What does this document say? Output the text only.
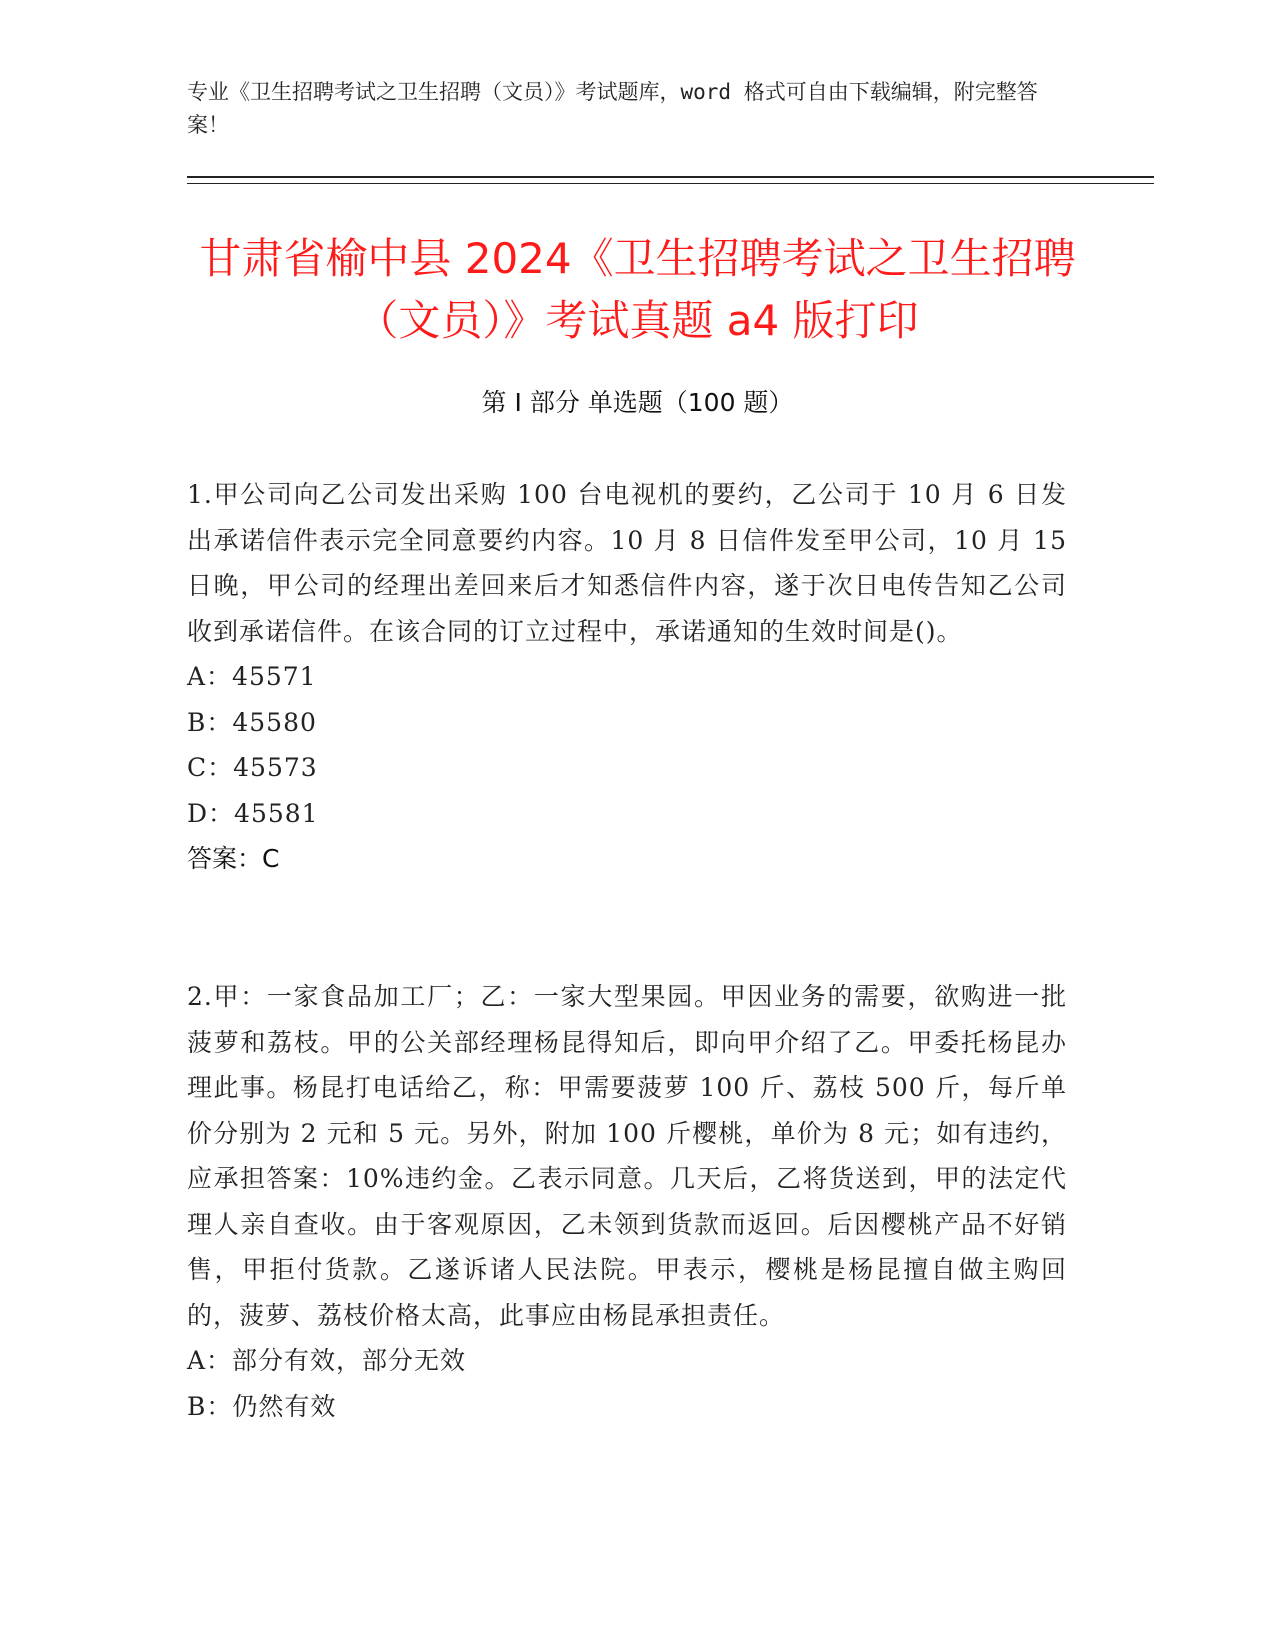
专业《卫生招聘考试之卫生招聘（文员）》考试题库，word 格式可自由下载编辑，附完整答案！
甘肃省榆中县 2024《卫生招聘考试之卫生招聘（文员）》考试真题 a4 版打印
第 I 部分 单选题（100 题）
1.甲公司向乙公司发出采购 100 台电视机的要约，乙公司于 10 月 6 日发出承诺信件表示完全同意要约内容。10 月 8 日信件发至甲公司，10 月 15 日晚，甲公司的经理出差回来后才知悉信件内容，遂于次日电传告知乙公司收到承诺信件。在该合同的订立过程中，承诺通知的生效时间是()。
A：45571
B：45580
C：45573
D：45581
答案：C
2.甲：一家食品加工厂；乙：一家大型果园。甲因业务的需要，欲购进一批菠萝和荔枝。甲的公关部经理杨昆得知后，即向甲介绍了乙。甲委托杨昆办理此事。杨昆打电话给乙，称：甲需要菠萝 100 斤、荔枝 500 斤，每斤单价分别为 2 元和 5 元。另外，附加 100 斤樱桃，单价为 8 元；如有违约，应承担答案：10%违约金。乙表示同意。几天后，乙将货送到，甲的法定代理人亲自查收。由于客观原因，乙未领到货款而返回。后因樱桃产品不好销售，甲拒付货款。乙遂诉诸人民法院。甲表示，樱桃是杨昆擅自做主购回的，菠萝、荔枝价格太高，此事应由杨昆承担责任。
A：部分有效，部分无效
B：仍然有效
